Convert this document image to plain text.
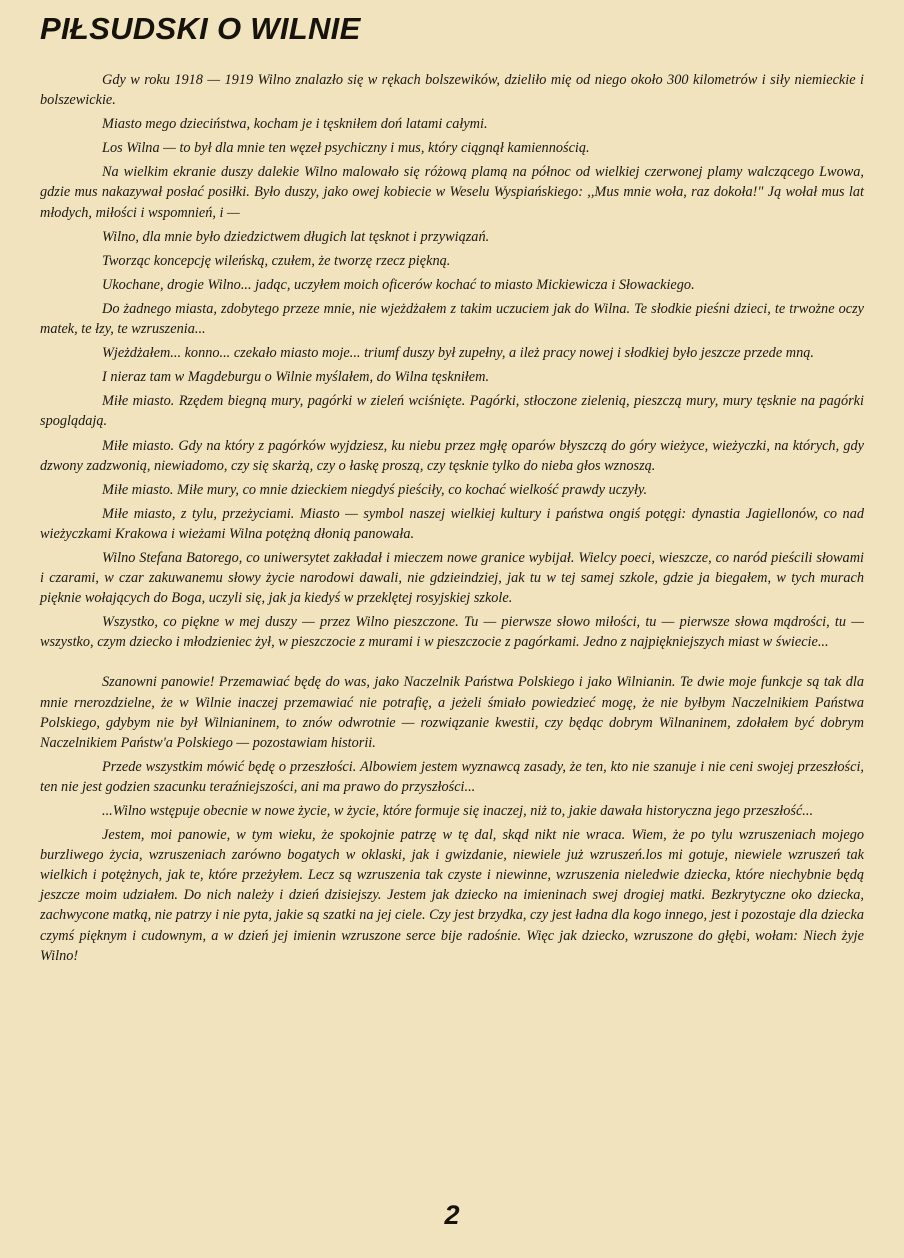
PIŁSUDSKI O WILNIE

Gdy w roku 1918 — 1919 Wilno znalazło się w rękach bolszewików, dzieliło mię od niego około 300 kilometrów i siły niemieckie i bolszewickie.

Miasto mego dzieciństwa, kocham je i tęskniłem doń latami całymi.

Los Wilna — to był dla mnie ten węzeł psychiczny i mus, który ciągnął kamiennością.

Na wielkim ekranie duszy dalekie Wilno malowało się różową plamą na północ od wielkiej czerwonej plamy walczącego Lwowa, gdzie mus nakazywał posłać posiłki. Było duszy, jako owej kobiecie w Weselu Wyspiańskiego: ,,Mus mnie woła, raz dokoła!" Ją wołał mus lat młodych, miłości i wspomnień, i —

Wilno, dla mnie było dziedzictwem długich lat tęsknot i przywiązań.

Tworząc koncepcję wileńską, czułem, że tworzę rzecz piękną.

Ukochane, drogie Wilno... jadąc, uczyłem moich oficerów kochać to miasto Mickiewicza i Słowackiego.

Do żadnego miasta, zdobytego przeze mnie, nie wjeżdżałem z takim uczuciem jak do Wilna. Te słodkie pieśni dzieci, te trwożne oczy matek, te łzy, te wzruszenia...

Wjeżdżałem... konno... czekało miasto moje... triumf duszy był zupełny, a ileż pracy nowej i słodkiej było jeszcze przede mną.

I nieraz tam w Magdeburgu o Wilnie myślałem, do Wilna tęskniłem.

Miłe miasto. Rzędem biegną mury, pagórki w zieleń wciśnięte. Pagórki, stłoczone zielenią, pieszczą mury, mury tęsknie na pagórki spoglądają.

Miłe miasto. Gdy na który z pagórków wyjdziesz, ku niebu przez mgłę oparów błyszczą do góry wieżyce, wieżyczki, na których, gdy dzwony zadzwonią, niewiadomo, czy się skarżą, czy o łaskę proszą, czy tęsknie tylko do nieba głos wznoszą.

Miłe miasto. Miłe mury, co mnie dzieckiem niegdyś pieściły, co kochać wielkość prawdy uczyły.

Miłe miasto, z tylu, przeżyciami. Miasto — symbol naszej wielkiej kultury i państwa ongiś potęgi: dynastia Jagiellonów, co nad wieżyczkami Krakowa i wieżami Wilna potężną dłonią panowała.

Wilno Stefana Batorego, co uniwersytet zakładał i mieczem nowe granice wybijał. Wielcy poeci, wieszcze, co naród pieścili słowami i czarami, w czar zakuwanemu słowy życie narodowi dawali, nie gdzieindziej, jak tu w tej samej szkole, gdzie ja biegałem, w tych murach pięknie wołających do Boga, uczyli się, jak ja kiedyś w przeklętej rosyjskiej szkole.

Wszystko, co piękne w mej duszy — przez Wilno pieszczone. Tu — pierwsze słowo miłości, tu — pierwsze słowa mądrości, tu — wszystko, czym dziecko i młodzieniec żył, w pieszczocie z murami i w pieszczocie z pagórkami. Jedno z najpiękniejszych miast w świecie...

Szanowni panowie! Przemawiać będę do was, jako Naczelnik Państwa Polskiego i jako Wilnianin. Te dwie moje funkcje są tak dla mnie rnerozdzielne, że w Wilnie inaczej przemawiać nie potrafię, a jeżeli śmiało powiedzieć mogę, że nie byłbym Naczelnikiem Państwa Polskiego, gdybym nie był Wilnianinem, to znów odwrotnie — rozwiązanie kwestii, czy będąc dobrym Wilnaninem, zdołałem być dobrym Naczelnikiem Państw'a Polskiego — pozostawiam historii.

Przede wszystkim mówić będę o przeszłości. Albowiem jestem wyznawcą zasady, że ten, kto nie szanuje i nie ceni swojej przeszłości, ten nie jest godzien szacunku teraźniejszości, ani ma prawo do przyszłości...

...Wilno wstępuje obecnie w nowe życie, w życie, które formuje się inaczej, niż to, jakie dawała historyczna jego przeszłość...

Jestem, moi panowie, w tym wieku, że spokojnie patrzę w tę dal, skąd nikt nie wraca. Wiem, że po tylu wzruszeniach mojego burzliwego życia, wzruszeniach zarówno bogatych w oklaski, jak i gwizdanie, niewiele już wzruszeń.los mi gotuje, niewiele wzruszeń tak wielkich i potężnych, jak te, które przeżyłem. Lecz są wzruszenia tak czyste i niewinne, wzruszenia nieledwie dziecka, które niechybnie będą jeszcze moim udziałem. Do nich należy i dzień dzisiejszy. Jestem jak dziecko na imieninach swej drogiej matki. Bezkrytyczne oko dziecka, zachwycone matką, nie patrzy i nie pyta, jakie są szatki na jej ciele. Czy jest brzydka, czy jest ładna dla kogo innego, jest i pozostaje dla dziecka czymś pięknym i cudownym, a w dzień jej imienin wzruszone serce bije radośnie. Więc jak dziecko, wzruszone do głębi, wołam: Niech żyje Wilno!

2
